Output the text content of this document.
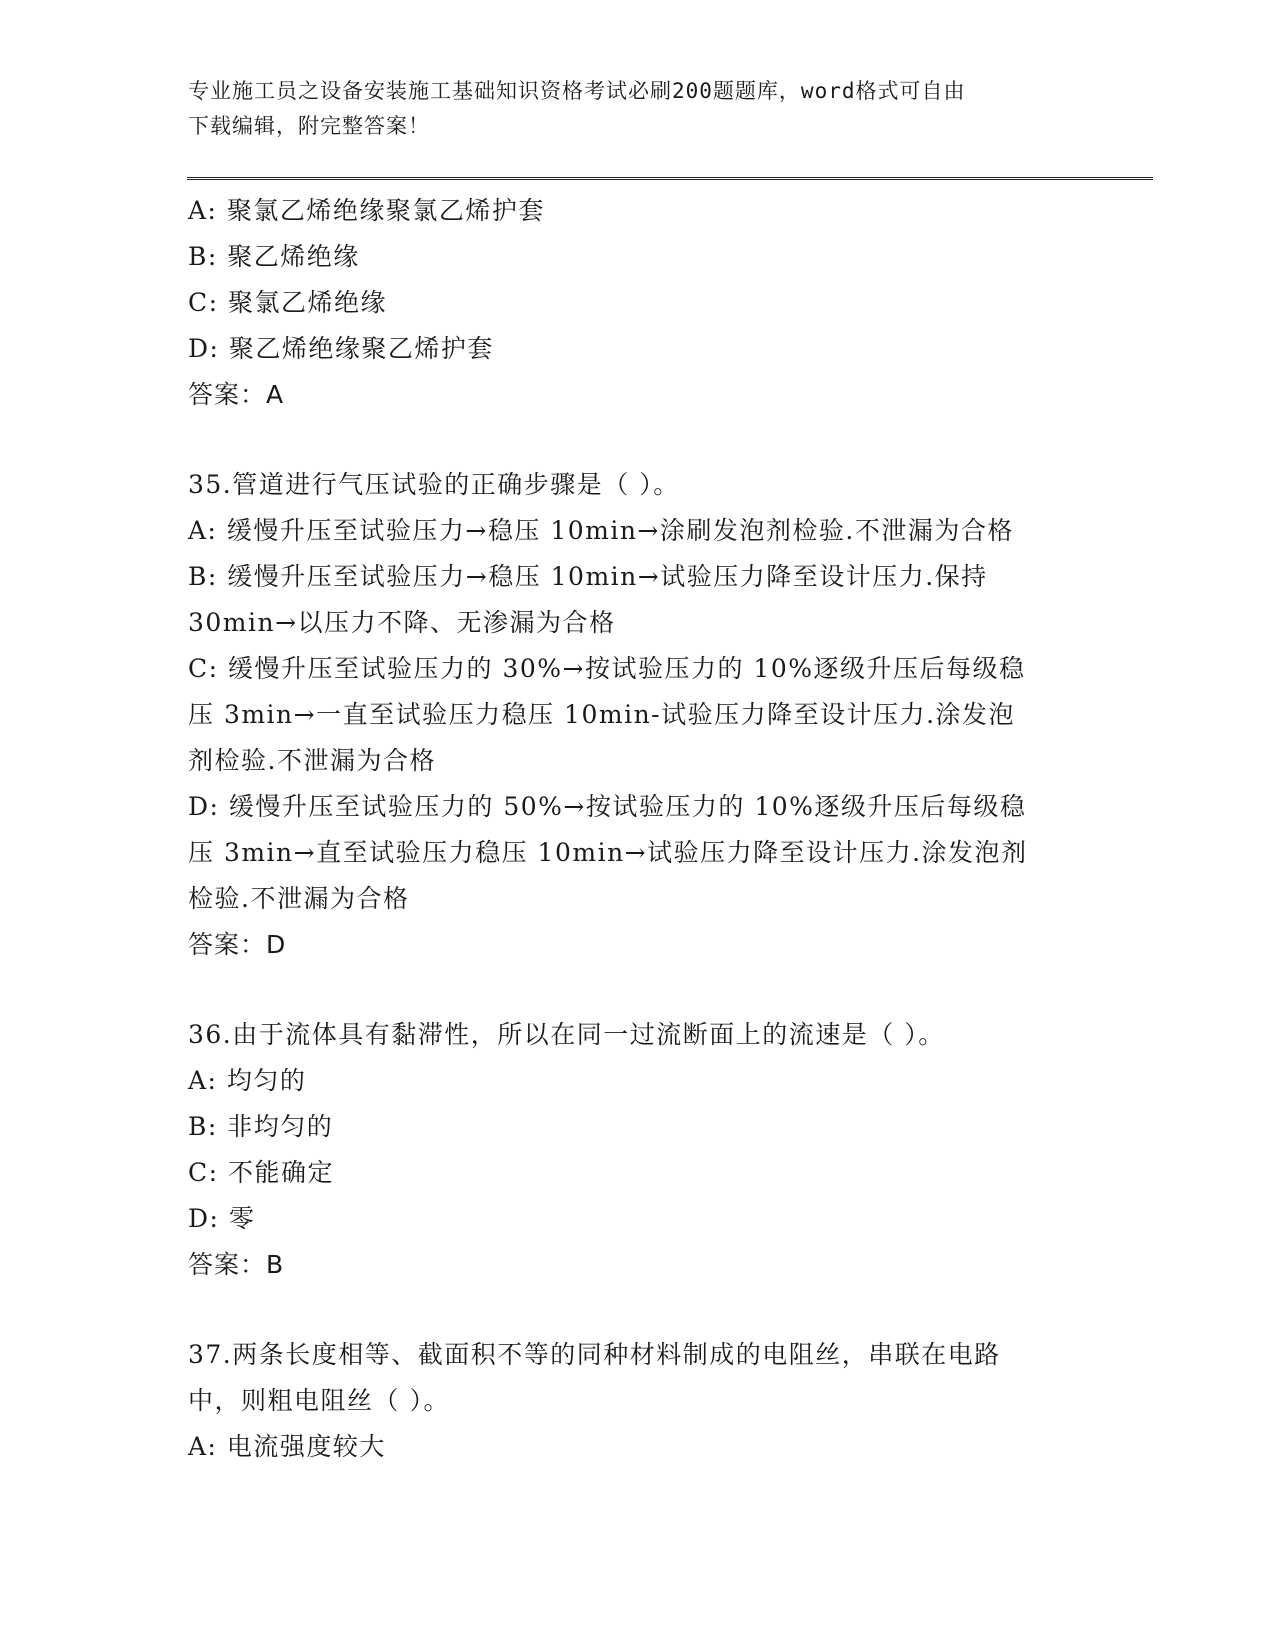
专业施工员之设备安装施工基础知识资格考试必刷200题题库，word格式可自由
下载编辑，附完整答案！
A: 聚氯乙烯绝缘聚氯乙烯护套
B: 聚乙烯绝缘
C: 聚氯乙烯绝缘
D: 聚乙烯绝缘聚乙烯护套
答案：A
35.管道进行气压试验的正确步骤是（ ）。
A: 缓慢升压至试验压力→稳压 10min→涂刷发泡剂检验.不泄漏为合格
B: 缓慢升压至试验压力→稳压 10min→试验压力降至设计压力.保持
30min→以压力不降、无渗漏为合格
C: 缓慢升压至试验压力的 30%→按试验压力的 10%逐级升压后每级稳
压 3min→一直至试验压力稳压 10min-试验压力降至设计压力.涂发泡
剂检验.不泄漏为合格
D: 缓慢升压至试验压力的 50%→按试验压力的 10%逐级升压后每级稳
压 3min→直至试验压力稳压 10min→试验压力降至设计压力.涂发泡剂
检验.不泄漏为合格
答案：D
36.由于流体具有黏滞性，所以在同一过流断面上的流速是（ ）。
A: 均匀的
B: 非均匀的
C: 不能确定
D: 零
答案：B
37.两条长度相等、截面积不等的同种材料制成的电阻丝，串联在电路
中，则粗电阻丝（ ）。
A: 电流强度较大
